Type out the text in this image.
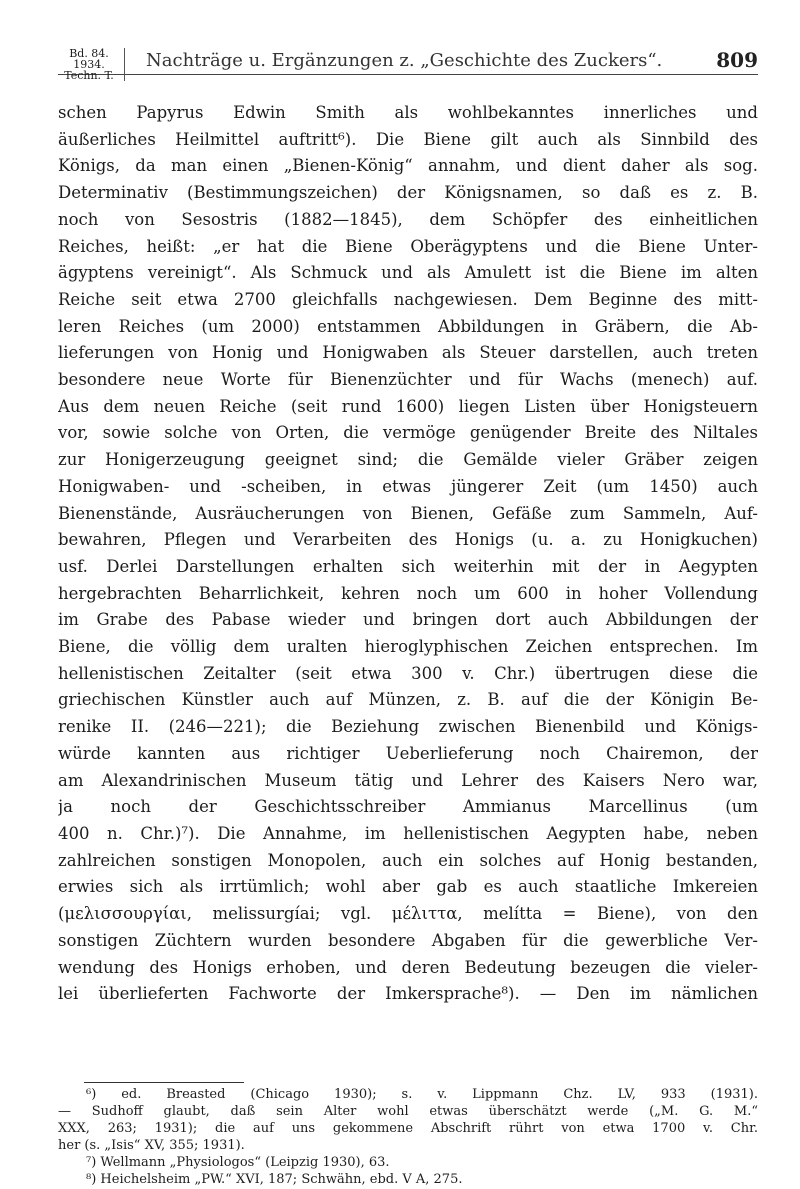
Bd. 84. 1934.
Techn. T.
Nachträge u. Ergänzungen z. „Geschichte des Zuckers“.	809
schen Papyrus Edwin Smith als wohlbekanntes innerliches und
äußerliches Heilmittel auftritt⁶). Die Biene gilt auch als Sinnbild des
Königs, da man einen „Bienen-König“ annahm, und dient daher als sog.
Determinativ (Bestimmungszeichen) der Königsnamen, so daß es z. B.
noch von Sesostris (1882—1845), dem Schöpfer des einheitlichen
Reiches, heißt: „er hat die Biene Oberägyptens und die Biene Unter-
ägyptens vereinigt“. Als Schmuck und als Amulett ist die Biene im alten
Reiche seit etwa 2700 gleichfalls nachgewiesen. Dem Beginne des mitt-
leren Reiches (um 2000) entstammen Abbildungen in Gräbern, die Ab-
lieferungen von Honig und Honigwaben als Steuer darstellen, auch treten
besondere neue Worte für Bienenzüchter und für Wachs (menech) auf.
Aus dem neuen Reiche (seit rund 1600) liegen Listen über Honigsteuern
vor, sowie solche von Orten, die vermöge genügender Breite des Niltales
zur Honigerzeugung geeignet sind; die Gemälde vieler Gräber zeigen
Honigwaben- und -scheiben, in etwas jüngerer Zeit (um 1450) auch
Bienenstände, Ausräucherungen von Bienen, Gefäße zum Sammeln, Auf-
bewahren, Pflegen und Verarbeiten des Honigs (u. a. zu Honigkuchen)
usf. Derlei Darstellungen erhalten sich weiterhin mit der in Aegypten
hergebrachten Beharrlichkeit, kehren noch um 600 in hoher Vollendung
im Grabe des Pabase wieder und bringen dort auch Abbildungen der
Biene, die völlig dem uralten hieroglyphischen Zeichen entsprechen. Im
hellenistischen Zeitalter (seit etwa 300 v. Chr.) übertrugen diese die
griechischen Künstler auch auf Münzen, z. B. auf die der Königin Be-
renike II. (246—221); die Beziehung zwischen Bienenbild und Königs-
würde kannten aus richtiger Ueberlieferung noch Chairemon, der
am Alexandrinischen Museum tätig und Lehrer des Kaisers Nero war,
ja noch der Geschichtsschreiber Ammianus Marcellinus (um
400 n. Chr.)⁷). Die Annahme, im hellenistischen Aegypten habe, neben
zahlreichen sonstigen Monopolen, auch ein solches auf Honig bestanden,
erwies sich als irrtümlich; wohl aber gab es auch staatliche Imkereien
(μελισσουργίαι, melissurgíai; vgl. μέλιττα, melítta = Biene), von den
sonstigen Züchtern wurden besondere Abgaben für die gewerbliche Ver-
wendung des Honigs erhoben, und deren Bedeutung bezeugen die vieler-
lei überlieferten Fachworte der Imkersprache⁸). — Den im nämlichen
⁶) ed. Breasted (Chicago 1930); s. v. Lippmann Chz. LV, 933 (1931).
— Sudhoff glaubt, daß sein Alter wohl etwas überschätzt werde („M. G. M.“
XXX, 263; 1931); die auf uns gekommene Abschrift rührt von etwa 1700 v. Chr.
her (s. „Isis“ XV, 355; 1931).
⁷) Wellmann „Physiologos“ (Leipzig 1930), 63.
⁸) Heichelsheim „PW.“ XVI, 187; Schwähn, ebd. V A, 275.
